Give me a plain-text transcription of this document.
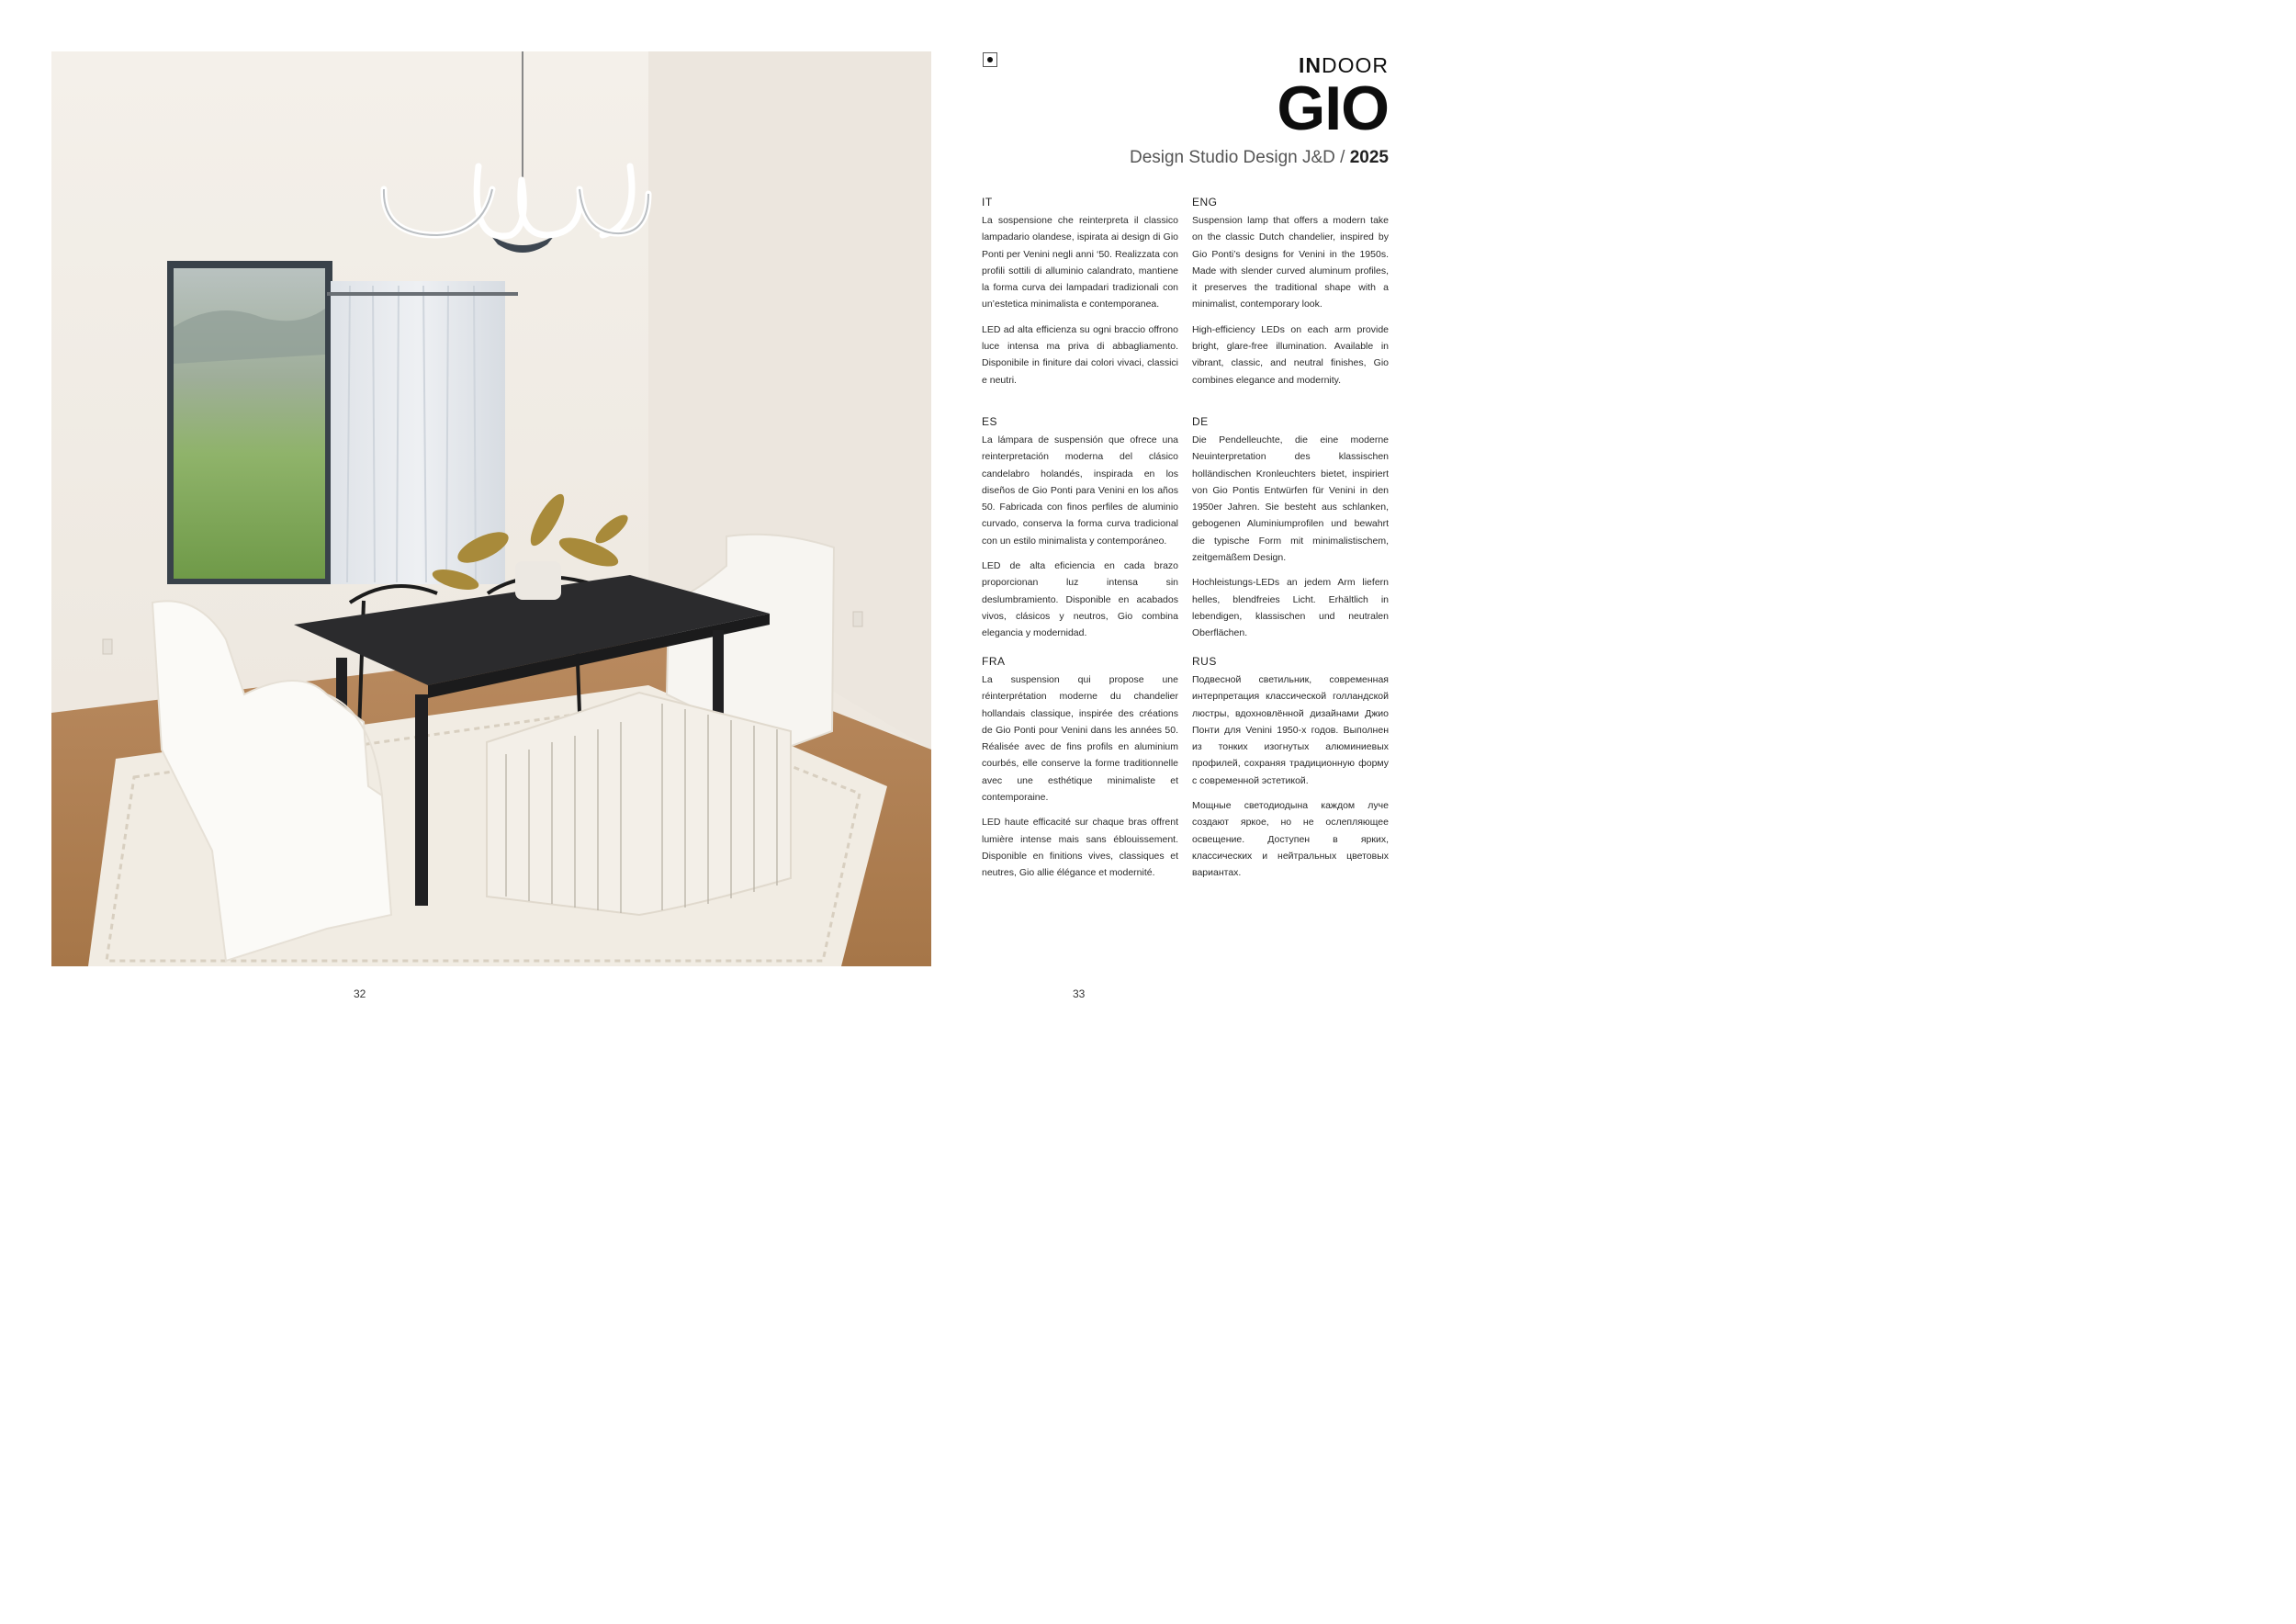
32	33
INDOOR
GIO
Design Studio Design J&D / 2025
IT

La sospensione che reinterpreta il classico lampadario olandese, ispirata ai design di Gio Ponti per Venini negli anni ‘50. Realizzata con profili sottili di alluminio calandrato, mantiene la forma curva dei lampadari tradizionali con un’estetica minimalista e contemporanea.

LED ad alta efficienza su ogni braccio offrono luce intensa ma priva di abbagliamento. Disponibile in finiture dai colori vivaci, classici e neutri.

ENG

Suspension lamp that offers a modern take on the classic Dutch chandelier, inspired by Gio Ponti’s designs for Venini in the 1950s. Made with slender curved aluminum profiles, it preserves the traditional shape with a minimalist, contemporary look.

High-efficiency LEDs on each arm provide bright, glare-free illumination. Available in vibrant, classic, and neutral finishes, Gio combines elegance and modernity.

ES

La lámpara de suspensión que ofrece una reinterpretación moderna del clásico candelabro holandés, inspirada en los diseños de Gio Ponti para Venini en los años 50. Fabricada con finos perfiles de aluminio curvado, conserva la forma curva tradicional con un estilo minimalista y contemporáneo.

LED de alta eficiencia en cada brazo proporcionan luz intensa sin deslumbramiento. Disponible en acabados vivos, clásicos y neutros, Gio combina elegancia y modernidad.

DE

Die Pendelleuchte, die eine moderne Neuinterpretation des klassischen holländischen Kronleuchters bietet, inspiriert von Gio Pontis Entwürfen für Venini in den 1950er Jahren. Sie besteht aus schlanken, gebogenen Aluminiumprofilen und bewahrt die typische Form mit minimalistischem, zeitgemäßem Design.

Hochleistungs-LEDs an jedem Arm liefern helles, blendfreies Licht. Erhältlich in lebendigen, klassischen und neutralen Oberflächen.

FRA

La suspension qui propose une réinterprétation moderne du chandelier hollandais classique, inspirée des créations de Gio Ponti pour Venini dans les années 50. Réalisée avec de fins profils en aluminium courbés, elle conserve la forme traditionnelle avec une esthétique minimaliste et contemporaine.

LED haute efficacité sur chaque bras offrent lumière intense mais sans éblouissement. Disponible en finitions vives, classiques et neutres, Gio allie élégance et modernité.

RUS

Подвесной светильник, современная интерпретация классической голландской люстры, вдохновлённой дизайнами Джио Понти для Venini 1950-х годов. Выполнен из тонких изогнутых алюминиевых профилей, сохраняя традиционную форму с современной эстетикой.

Мощные светодиодына каждом луче создают яркое, но не ослепляющее освещение. Доступен в ярких, классических и нейтральных цветовых вариантах.
